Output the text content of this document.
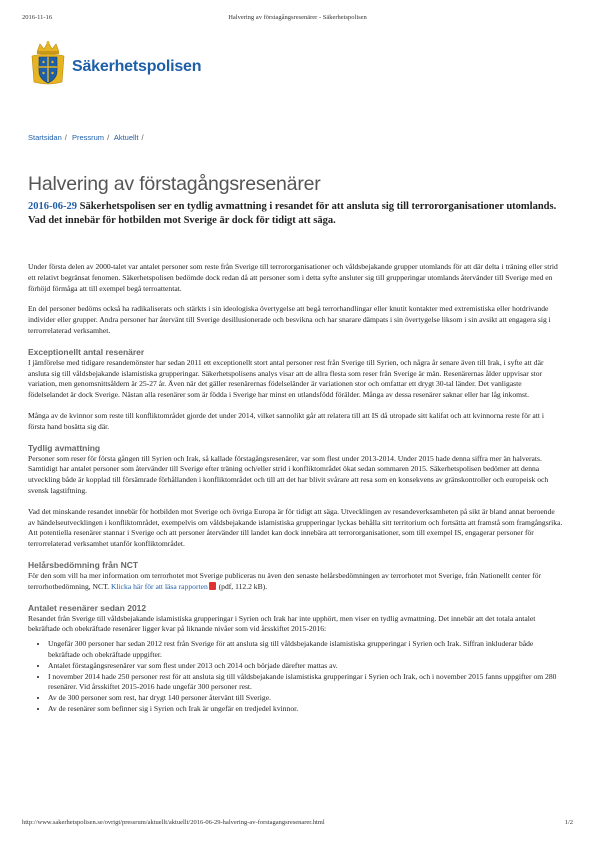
2016-11-16	Halvering av förstagångsresenärer - Säkerhetspolisen
Säkerhetspolisen
Startsidan / Pressrum / Aktuellt /
Halvering av förstagångsresenärer
2016-06-29 Säkerhetspolisen ser en tydlig avmattning i resandet för att ansluta sig till terrororganisationer utomlands. Vad det innebär för hotbilden mot Sverige är dock för tidigt att säga.

Under första delen av 2000-talet var antalet personer som reste från Sverige till terrororganisationer och våldsbejakande grupper utomlands för att där delta i träning eller strid ett relativt begränsat fenomen. Säkerhetspolisen bedömde dock redan då att personer som i detta syfte ansluter sig till grupperingar utomlands återvänder till Sverige med en förhöjd förmåga att till exempel begå terroattentat.

En del personer bedöms också ha radikaliserats och stärkts i sin ideologiska övertygelse att begå terrorhandlingar eller knutit kontakter med extremistiska eller hotdrivande individer eller grupper. Andra personer har återvänt till Sverige desillusionerade och besvikna och har snarare dämpats i sin övertygelse liksom i sin avsikt att engagera sig i terrorrelaterad verksamhet.

Exceptionellt antal resenärer

I jämförelse med tidigare resandemönster har sedan 2011 ett exceptionellt stort antal personer rest från Sverige till Syrien, och några år senare även till Irak, i syfte att där ansluta sig till våldsbejakande islamistiska grupperingar. Säkerhetspolisens analys visar att de allra flesta som reser från Sverige är män. Resenärernas ålder uppvisar stor variation, men genomsnittsåldern är 25-27 år. Även när det gäller resenärernas födelseländer är variationen stor och omfattar ett drygt 30-tal länder. Det vanligaste födelselandet är dock Sverige. Nästan alla resenärer som är födda i Sverige har minst en utlandsfödd förälder. Många av dessa resenärer saknar eller har låg inkomst.

Många av de kvinnor som reste till konfliktområdet gjorde det under 2014, vilket sannolikt går att relatera till att IS då utropade sitt kalifat och att kvinnorna reste för att i första hand bosätta sig där.

Tydlig avmattning

Personer som reser för första gången till Syrien och Irak, så kallade förstagångsresenärer, var som flest under 2013-2014. Under 2015 hade denna siffra mer än halverats. Samtidigt har antalet personer som återvänder till Sverige efter träning och/eller strid i konfliktområdet ökat sedan sommaren 2015. Säkerhetspolisen bedömer att denna utveckling både är kopplad till försämrade förhållanden i konfliktområdet och till att det har blivit svårare att resa som en konsekvens av gränskontroller och europeisk och svensk lagstiftning.

Vad det minskande resandet innebär för hotbilden mot Sverige och övriga Europa är för tidigt att säga. Utvecklingen av resandeverksamheten på sikt är bland annat beroende av händelseutvecklingen i konfliktområdet, exempelvis om våldsbejakande islamistiska grupperingar lyckas behålla sitt territorium och fortsätta att framstå som framgångsrika. Att potentiella resenärer stannar i Sverige och att personer återvänder till landet kan dock innebära att terrororganisationer, som till exempel IS, engagerar personer för terrorrelaterad verksamhet utanför konfliktområdet.

Helårsbedömning från NCT

För den som vill ha mer information om terrorhotet mot Sverige publiceras nu även den senaste helårsbedömningen av terrorhotet mot Sverige, från Nationellt center för terrorhotbedömning, NCT. Klicka här för att läsa rapporten (pdf, 112.2 kB).

Antalet resenärer sedan 2012

Resandet från Sverige till våldsbejakande islamistiska grupperingar i Syrien och Irak har inte upphört, men viser en tydlig avmattning. Det innebär att det totala antalet bekräftade och obekräftade resenärer ligger kvar på liknande nivåer som vid årsskiftet 2015-2016:

• Ungefär 300 personer har sedan 2012 rest från Sverige för att ansluta sig till våldsbejakande islamistiska grupperingar i Syrien och Irak. Siffran inkluderar både bekräftade och obekräftade uppgifter.
• Antalet förstagångsresenärer var som flest under 2013 och 2014 och började därefter mattas av.
• I november 2014 hade 250 personer rest för att ansluta sig till våldsbejakande islamistiska grupperingar i Syrien och Irak, och i november 2015 fanns uppgifter om 280 resenärer. Vid årsskiftet 2015-2016 hade ungefär 300 personer rest.
• Av de 300 personer som rest, har drygt 140 personer återvänt till Sverige.
• Av de resenärer som befinner sig i Syrien och Irak är ungefär en tredjedel kvinnor.
http://www.sakerhetspolisen.se/ovrigt/pressrum/aktuellt/aktuellt/2016-06-29-halvering-av-forstagangsresenarer.html	1/2
